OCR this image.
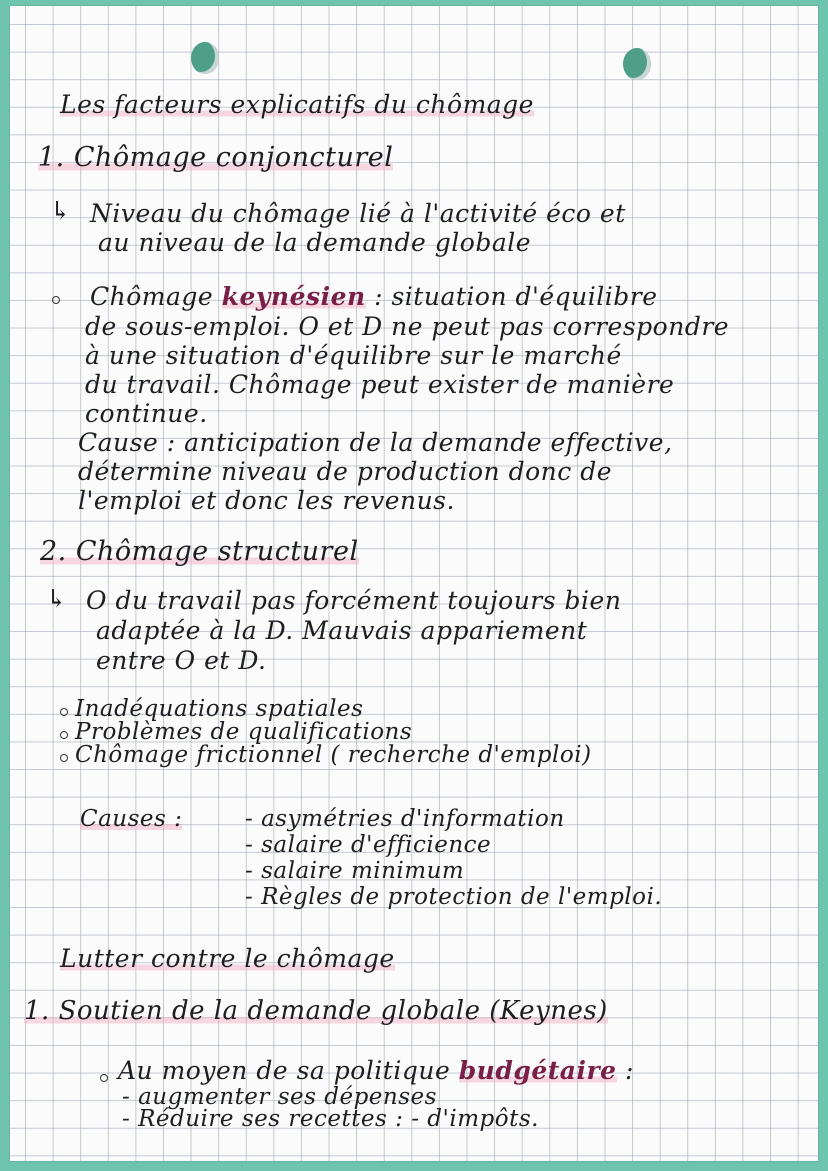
Les facteurs explicatifs du chômage
1. Chômage conjoncturel
↳ Niveau du chômage lié à l'activité éco et
au niveau de la demande globale
Chômage keynésien : situation d'équilibre
de sous-emploi. O et D ne peut pas correspondre
à une situation d'équilibre sur le marché
du travail. Chômage peut exister de manière
continue.
Cause : anticipation de la demande effective,
détermine niveau de production donc de
l'emploi et donc les revenus.
2. Chômage structurel
↳ O du travail pas forcément toujours bien
adaptée à la D. Mauvais appariement
entre O et D.
Inadéquations spatiales
Problèmes de qualifications
Chômage frictionnel ( recherche d'emploi)
Causes :	- asymétries d'information
- salaire d'efficience
- salaire minimum
- Règles de protection de l'emploi.
Lutter contre le chômage
1. Soutien de la demande globale (Keynes)
Au moyen de sa politique budgétaire :
- augmenter ses dépenses
- Réduire ses recettes : - d'impôts.
